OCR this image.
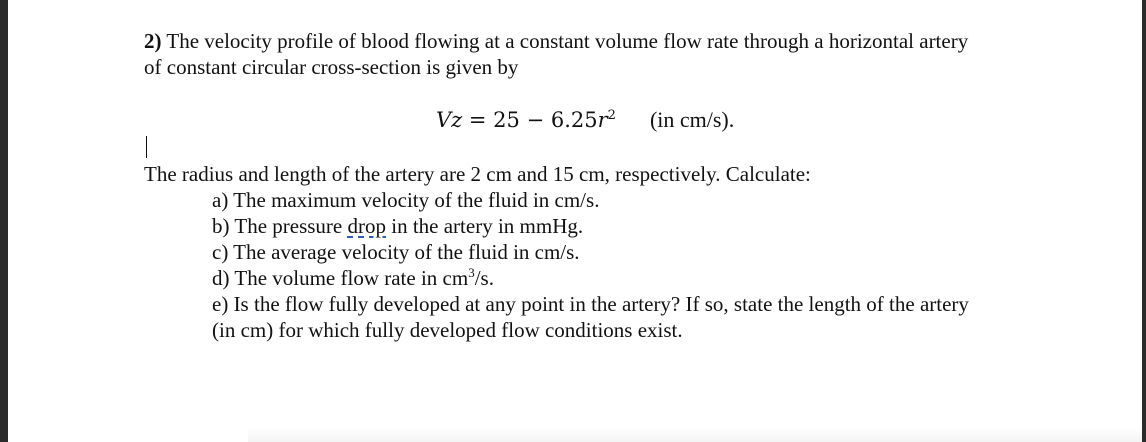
2) The velocity profile of blood flowing at a constant volume flow rate through a horizontal artery
of constant circular cross-section is given by
$Vz = 25 - 6.25r^2$ (in cm/s).
The radius and length of the artery are 2 cm and 15 cm, respectively. Calculate:
a) The maximum velocity of the fluid in cm/s.
b) The pressure drop in the artery in mmHg.
c) The average velocity of the fluid in cm/s.
d) The volume flow rate in $cm^3/s$.
e) Is the flow fully developed at any point in the artery? If so, state the length of the artery
(in cm) for which fully developed flow conditions exist.
